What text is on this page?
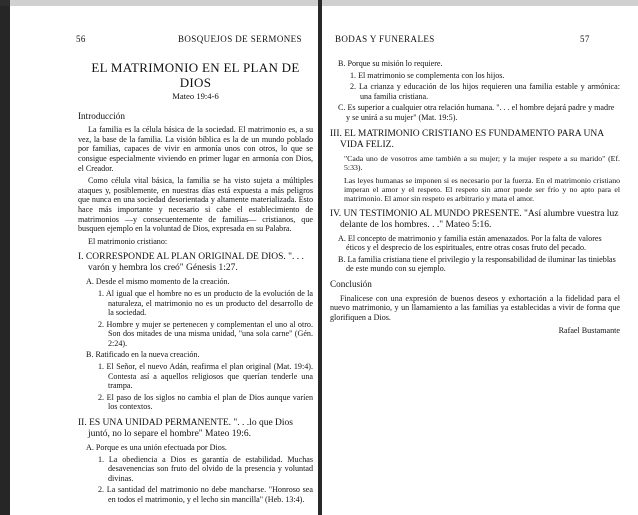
56	BOSQUEJOS DE SERMONES
EL MATRIMONIO EN EL PLAN DE DIOS
Mateo 19:4-6
Introducción

La familia es la célula básica de la sociedad. El matrimonio es, a su vez, la base de la familia. La visión bíblica es la de un mundo poblado por familias, capaces de vivir en armonía unos con otros, lo que se consigue especialmente viviendo en primer lugar en armonía con Dios, el Creador.

Como célula vital básica, la familia se ha visto sujeta a múltiples ataques y, posiblemente, en nuestras días está expuesta a más peligros que nunca en una sociedad desorientada y altamente materializada. Esto hace más importante y necesario si cabe el establecimiento de matrimonios —y consecuentemente de familias— cristianos, que busquen ejemplo en la voluntad de Dios, expresada en su Palabra.

El matrimonio cristiano:

I. CORRESPONDE AL PLAN ORIGINAL DE DIOS. ". . . varón y hembra los creó" Génesis 1:27.
A. Desde el mismo momento de la creación.
1. Al igual que el hombre no es un producto de la evolución de la naturaleza, el matrimonio no es un producto del desarrollo de la sociedad.
2. Hombre y mujer se pertenecen y complementan el uno al otro. Son dos mitades de una misma unidad, "una sola carne" (Gén. 2:24).
B. Ratificado en la nueva creación.
1. El Señor, el nuevo Adán, reafirma el plan original (Mat. 19:4). Contesta así a aquellos religiosos que querían tenderle una trampa.
2. El paso de los siglos no cambia el plan de Dios aunque varíen los contextos.
II. ES UNA UNIDAD PERMANENTE. ". . .lo que Dios juntó, no lo separe el hombre" Mateo 19:6.
A. Porque es una unión efectuada por Dios.
1. La obediencia a Dios es garantía de estabilidad. Muchas desavenencias son fruto del olvido de la presencia y voluntad divinas.
2. La santidad del matrimonio no debe mancharse. "Honroso sea en todos el matrimonio, y el lecho sin mancilla" (Heb. 13:4).
BODAS Y FUNERALES	57
B. Porque su misión lo requiere.
1. El matrimonio se complementa con los hijos.
2. La crianza y educación de los hijos requieren una familia estable y armónica: una familia cristiana.
C. Es superior a cualquier otra relación humana. ". . . el hombre dejará padre y madre y se unirá a su mujer" (Mat. 19:5).
III. EL MATRIMONIO CRISTIANO ES FUNDAMENTO PARA UNA VIDA FELIZ.
"Cada uno de vosotros ame también a su mujer; y la mujer respete a su marido" (Ef. 5:33).
Las leyes humanas se imponen si es necesario por la fuerza. En el matrimonio cristiano imperan el amor y el respeto. El respeto sin amor puede ser frío y no apto para el matrimonio. El amor sin respeto es arbitrario y mata el amor.
IV. UN TESTIMONIO AL MUNDO PRESENTE. "Así alumbre vuestra luz delante de los hombres. . ." Mateo 5:16.
A. El concepto de matrimonio y familia están amenazados. Por la falta de valores éticos y el desprecio de los espirituales, entre otras cosas fruto del pecado.
B. La familia cristiana tiene el privilegio y la responsabilidad de iluminar las tinieblas de este mundo con su ejemplo.
Conclusión

Finalicese con una expresión de buenos deseos y exhortación a la fidelidad para el nuevo matrimonio, y un llamamiento a las familias ya establecidas a vivir de forma que glorifiquen a Dios.

Rafael Bustamante
